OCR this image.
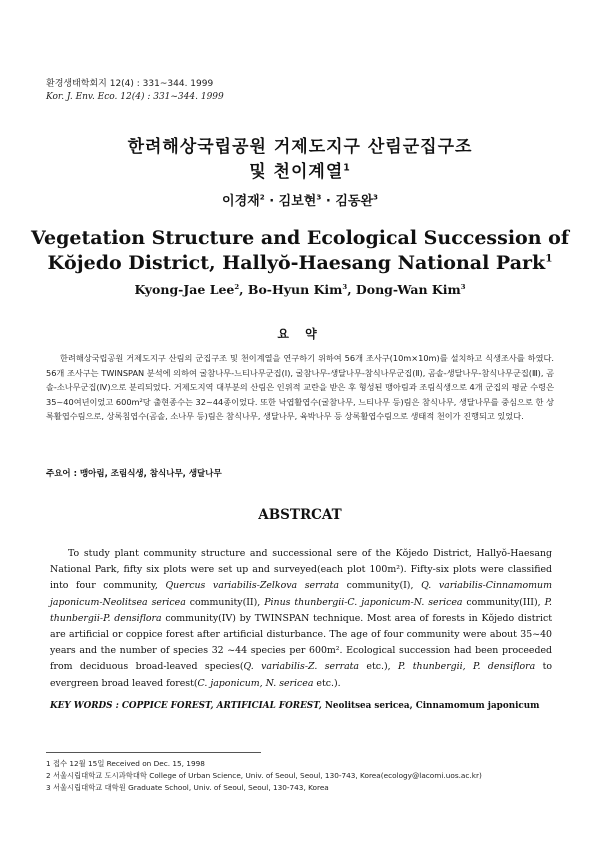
환경생태학회지 12(4) : 331~344. 1999
Kor. J. Env. Eco. 12(4) : 331~344. 1999
한려해상국립공원 거제도지구 산림군집구조
및 천이계열$^1$
이경재$^2$ · 김보현$^3$ · 김동완$^3$
Vegetation Structure and Ecological Succession of
Kŏjedo District, Hallyŏ-Haesang National Park$^1$
Kyong-Jae Lee$^2$, Bo-Hyun Kim$^3$, Dong-Wan Kim$^3$
요 약

한려해상국립공원 거제도지구 산림의 군집구조 및 천이계열을 연구하기 위하여 56개 조사구(10m×10m)를 설치하고 식생조사를 하였다. 56개 조사구는 TWINSPAN 분석에 의하여 굴참나무-느티나무군집(Ⅰ), 굴참나무-생달나무-참식나무군집(Ⅱ), 곰솔-생달나무-참식나무군집(Ⅲ), 곰솔-소나무군집(Ⅳ)으로 분리되었다. 거제도지역 대부분의 산림은 인위적 교란을 받은 후 형성된 맹아림과 조림식생으로 4개 군집의 평균 수령은 35~40여년이었고 600m²당 출현종수는 32~44종이었다. 또한 낙엽활엽수(굴참나무, 느티나무 등)림은 참식나무, 생달나무를 중심으로 한 상록활엽수림으로, 상록침엽수(곰솔, 소나무 등)림은 참식나무, 생달나무, 육박나무 등 상록활엽수림으로 생태적 천이가 진행되고 있었다.

주요어 : 맹아림, 조림식생, 참식나무, 생달나무
ABSTRCAT

To study plant community structure and successional sere of the Kŏjedo District, Hallyŏ-Haesang National Park, fifty six plots were set up and surveyed(each plot 100m²). Fifty-six plots were classified into four community, Quercus variabilis-Zelkova serrata community(I), Q. variabilis-Cinnamomum japonicum-Neolitsea sericea community(II), Pinus thunbergii-C. japonicum-N. sericea community(III), P. thunbergii-P. densiflora community(IV) by TWINSPAN technique. Most area of forests in Kŏjedo district are artificial or coppice forest after artificial disturbance. The age of four community were about 35~40 years and the number of species 32 ~44 species per 600m². Ecological succession had been proceeded from deciduous broad-leaved species(Q. variabilis-Z. serrata etc.), P. thunbergii, P. densiflora to evergreen broad leaved forest(C. japonicum, N. sericea etc.).

KEY WORDS : COPPICE FOREST, ARTIFICIAL FOREST, Neolitsea sericea, Cinnamomum japonicum
1 접수 12월 15일 Received on Dec. 15, 1998
2 서울시립대학교 도시과학대학 College of Urban Science, Univ. of Seoul, Seoul, 130-743, Korea(ecology@lacomi.uos.ac.kr)
3 서울시립대학교 대학원 Graduate School, Univ. of Seoul, Seoul, 130-743, Korea
